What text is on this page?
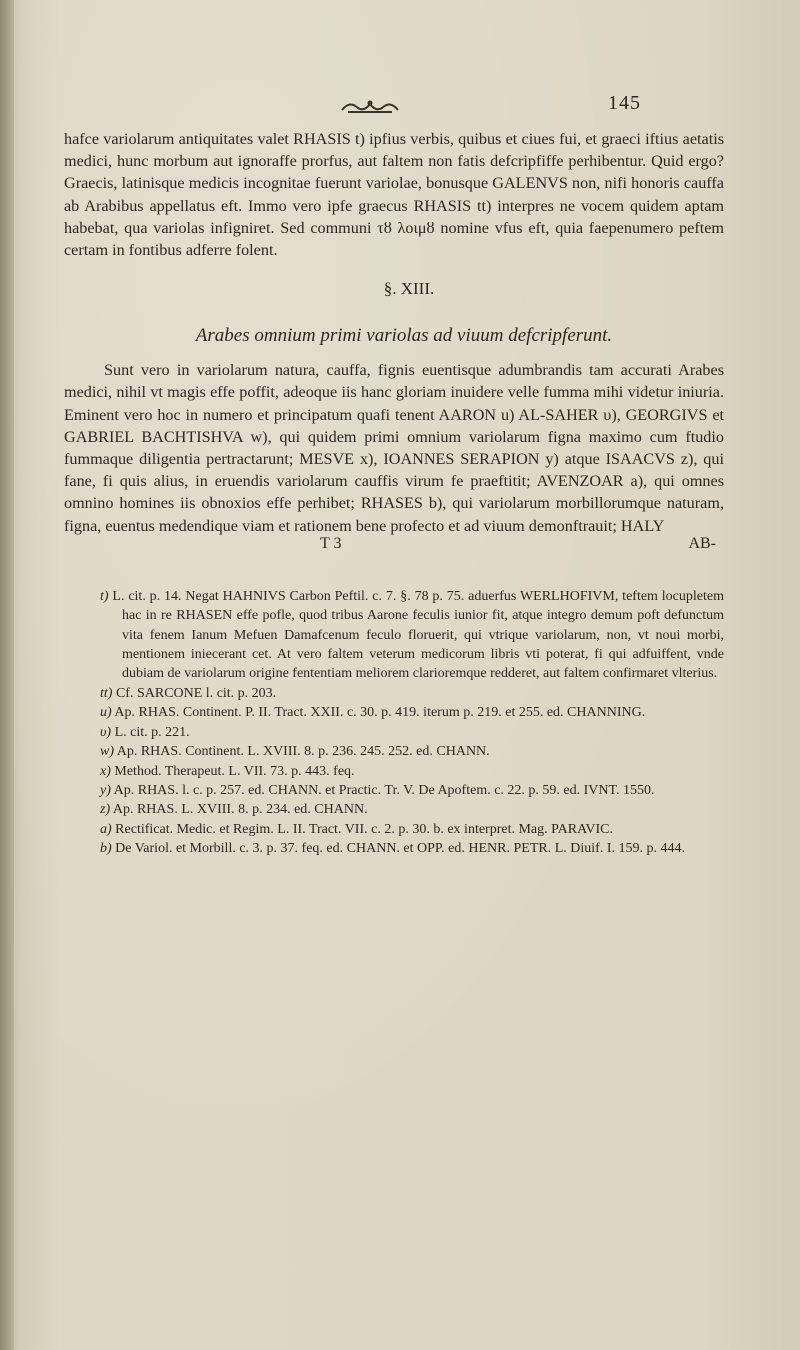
145

hafce variolarum antiquitates valet RHASIS t) ipfius verbis, quibus et ciues fui, et graeci iftius aetatis medici, hunc morbum aut ignoraffe prorfus, aut faltem non fatis defcripfiffe perhibentur. Quid ergo? Graecis, latinisque medicis incognitae fuerunt variolae, bonusque GALENVS non, nifi honoris cauffa ab Arabibus appellatus eft. Immo vero ipfe graecus RHASIS tt) interpres ne vocem quidem aptam habebat, qua variolas infigniret. Sed communi τȣ λοιμȣ nomine vfus eft, quia faepenumero peftem certam in fontibus adferre folent.

§. XIII.
Arabes omnium primi variolas ad viuum defcripferunt.

Sunt vero in variolarum natura, cauffa, fignis euentisque adumbrandis tam accurati Arabes medici, nihil vt magis effe poffit, adeoque iis hanc gloriam inuidere velle fumma mihi videtur iniuria. Eminent vero hoc in numero et principatum quafi tenent AARON u) AL-SAHER υ), GEORGIVS et GABRIEL BACHTISHVA w), qui quidem primi omnium variolarum figna maximo cum ftudio fummaque diligentia pertractarunt; MESVE x), IOANNES SERAPION y) atque ISAACVS z), qui fane, fi quis alius, in eruendis variolarum cauffis virum fe praeftitit; AVENZOAR a), qui omnes omnino homines iis obnoxios effe perhibet; RHASES b), qui variolarum morbillorumque naturam, figna, euentus medendique viam et rationem bene profecto et ad viuum demonftrauit; HALY

T 3	AB-

t) L. cit. p. 14. Negat HAHNIVS Carbon Peftil. c. 7. §. 78 p. 75. aduerfus WERLHOFIVM, teftem locupletem hac in re RHASEN effe pofle, quod tribus Aarone feculis iunior fit, atque integro demum poft defunctum vita fenem Ianum Mefuen Damafcenum feculo floruerit, qui vtrique variolarum, non, vt noui morbi, mentionem iniecerant cet. At vero faltem veterum medicorum libris vti poterat, fi qui adfuiffent, vnde dubiam de variolarum origine fententiam meliorem clarioremque redderet, aut faltem confirmaret vlterius.

tt) Cf. SARCONE l. cit. p. 203.

u) Ap. RHAS. Continent. P. II. Tract. XXII. c. 30. p. 419. iterum p. 219. et 255. ed. CHANNING.

υ) L. cit. p. 221.

w) Ap. RHAS. Continent. L. XVIII. 8. p. 236. 245. 252. ed. CHANN.

x) Method. Therapeut. L. VII. 73. p. 443. feq.

y) Ap. RHAS. l. c. p. 257. ed. CHANN. et Practic. Tr. V. De Apoftem. c. 22. p. 59. ed. IVNT. 1550.

z) Ap. RHAS. L. XVIII. 8. p. 234. ed. CHANN.

a) Rectificat. Medic. et Regim. L. II. Tract. VII. c. 2. p. 30. b. ex interpret. Mag. PARAVIC.

b) De Variol. et Morbill. c. 3. p. 37. feq. ed. CHANN. et OPP. ed. HENR. PETR. L. Diuif. I. 159. p. 444.
